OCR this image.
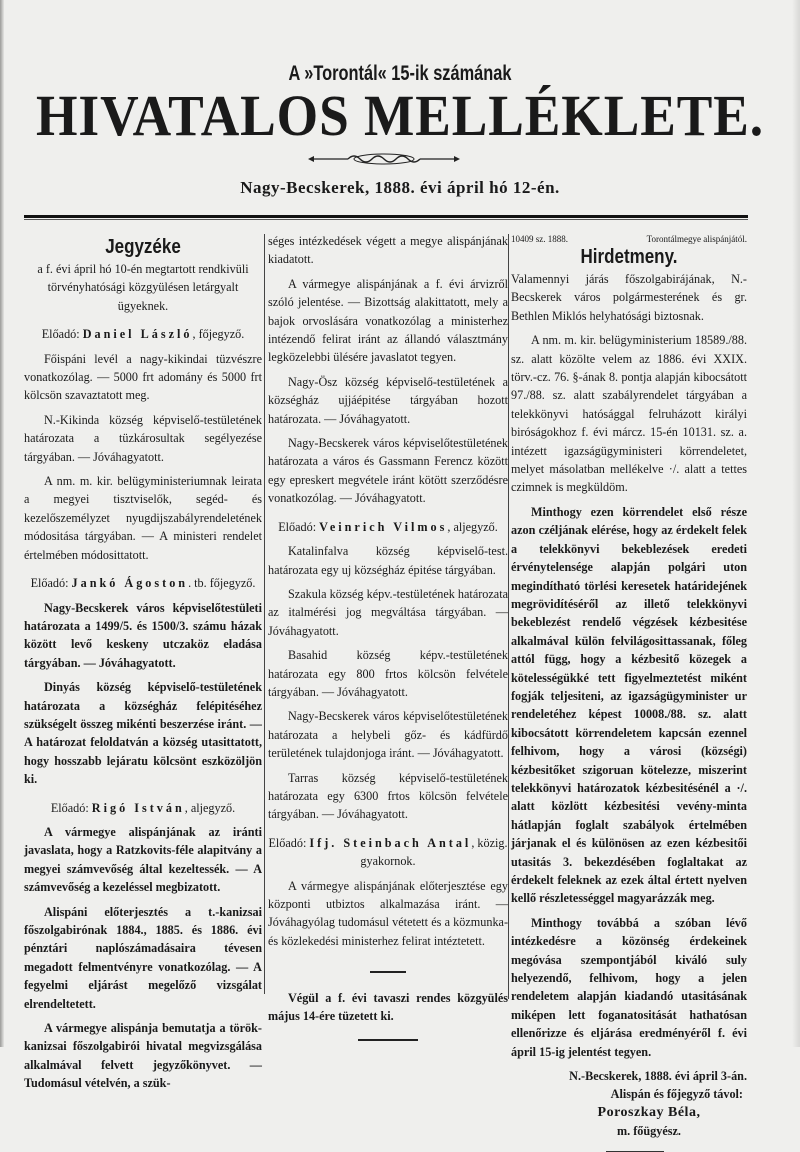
A »Torontál« 15-ik számának
HIVATALOS MELLÉKLETE.
Nagy-Becskerek, 1888. évi ápril hó 12-én.
Jegyzéke

a f. évi ápril hó 10-én megtartott rendkivüli törvényhatósági közgyülésen letárgyalt ügyeknek.

Előadó: Daniel László, főjegyző.

Főispáni levél a nagy-kikindai tüzvészre vonatkozólag. — 5000 frt adomány és 5000 frt kölcsön szavaztatott meg.

N.-Kikinda község képviselő-testületének határozata a tüzkárosultak segélyezése tárgyában. — Jóváhagyatott.

A nm. m. kir. belügyministeriumnak leirata a megyei tisztviselők, segéd- és kezelőszemélyzet nyugdijszabályrendeletének módositása tárgyában. — A ministeri rendelet értelmében módosittatott.

Előadó: Jankó Ágoston. tb. főjegyző.

Nagy-Becskerek város képviselőtestületi határozata a 1499/5. és 1500/3. számu házak között levő keskeny utczaköz eladása tárgyában. — Jóváhagyatott.

Dinyás község képviselő-testületének határozata a községház felépitéséhez szükségelt összeg mikénti beszerzése iránt. — A határozat feloldatván a község utasittatott, hogy hosszabb lejáratu kölcsönt eszközöljön ki.

Előadó: Rigó István, aljegyző.

A vármegye alispánjának az iránti javaslata, hogy a Ratzkovits-féle alapitvány a megyei számvevőség által kezeltessék. — A számvevőség a kezeléssel megbizatott.

Alispáni előterjesztés a t.-kanizsai főszolgabirónak 1884., 1885. és 1886. évi pénztári naplószámadásaira tévesen megadott felmentvényre vonatkozólag. — A fegyelmi eljárást megelőző vizsgálat elrendeltetett.

A vármegye alispánja bemutatja a török-kanizsai főszolgabirói hivatal megvizsgálása alkalmával felvett jegyzőkönyvet. — Tudomásul vételvén, a szük-

séges intézkedések végett a megye alispánjának kiadatott.

A vármegye alispánjának a f. évi árvizről szóló jelentése. — Bizottság alakittatott, mely a bajok orvoslására vonatkozólag a ministerhez intézendő felirat iránt az állandó választmány legközelebbi ülésére javaslatot tegyen.

Nagy-Ösz község képviselő-testületének a községház ujjáépitése tárgyában hozott határozata. — Jóváhagyatott.

Nagy-Becskerek város képviselőtestületének határozata a város és Gassmann Ferencz között egy epreskert megvétele iránt kötött szerződésre vonatkozólag. — Jóváhagyatott.

Előadó: Veinrich Vilmos, aljegyző.

Katalinfalva község képviselő-test. határozata egy uj községház épitése tárgyában.

Szakula község képv.-testületének határozata az italmérési jog megváltása tárgyában. — Jóváhagyatott.

Basahid község képv.-testületének határozata egy 800 frtos kölcsön felvétele tárgyában. — Jóváhagyatott.

Nagy-Becskerek város képviselőtestületének határozata a helybeli gőz- és kádfürdő területének tulajdonjoga iránt. — Jóváhagyatott.

Tarras község képviselő-testületének határozata egy 6300 frtos kölcsön felvétele tárgyában. — Jóváhagyatott.

Előadó: Ifj. Steinbach Antal, közig. gyakornok.

A vármegye alispánjának előterjesztése egy központi utbiztos alkalmazása iránt. — Jóváhagyólag tudomásul vétetett és a közmunka- és közlekedési ministerhez felirat intéztetett.

Végül a f. évi tavaszi rendes közgyülés május 14-ére tüzetett ki.

10409 sz. 1888.	Torontálmegye alispánjától.
Hirdetmeny.

Valamennyi járás főszolgabirájának, N.-Becskerek város polgármesterének és gr. Bethlen Miklós helyhatósági biztosnak.

A nm. m. kir. belügyministerium 18589./88. sz. alatt közölte velem az 1886. évi XXIX. törv.-cz. 76. §-ának 8. pontja alapján kibocsátott 97./88. sz. alatt szabályrendelet tárgyában a telekkönyvi hatósággal felruházott királyi biróságokhoz f. évi márcz. 15-én 10131. sz. a. intézett igazságügyministeri körrendeletet, melyet másolatban mellékelve ·/. alatt a tettes czimnek is megküldöm.

Minthogy ezen körrendelet első része azon czéljának elérése, hogy az érdekelt felek a telekkönyvi bekeblezések eredeti érvénytelensége alapján polgári uton megindítható törlési keresetek határidejének megrövidítéséről az illető telekkönyvi bekeblezést rendelő végzések kézbesitése alkalmával külön felvilágosittassanak, főleg attól függ, hogy a kézbesitő közegek a kötelességükké tett figyelmeztetést miként fogják teljesiteni, az igazságügyminister ur rendeletéhez képest 10008./88. sz. alatt kibocsátott körrendeletem kapcsán ezennel felhivom, hogy a városi (községi) kézbesitőket szigoruan kötelezze, miszerint telekkönyvi határozatok kézbesitésénél a ·/. alatt közlött kézbesitési vevény-minta hátlapján foglalt szabályok értelmében járjanak el és különösen az ezen kézbesitői utasitás 3. bekezdésében foglaltakat az érdekelt feleknek az ezek által értett nyelven kellő részletességgel magyarázzák meg.

Minthogy továbbá a szóban lévő intézkedésre a közönség érdekeinek megóvása szempontjából kiváló suly helyezendő, felhivom, hogy a jelen rendeletem alapján kiadandó utasitásának miképen lett foganatositását hathatósan ellenőrizze és eljárása eredményéről f. évi ápril 15-ig jelentést tegyen.

N.-Becskerek, 1888. évi ápril 3-án.

Alispán és főjegyző távol:

Poroszkay Béla,

m. főügyész.
